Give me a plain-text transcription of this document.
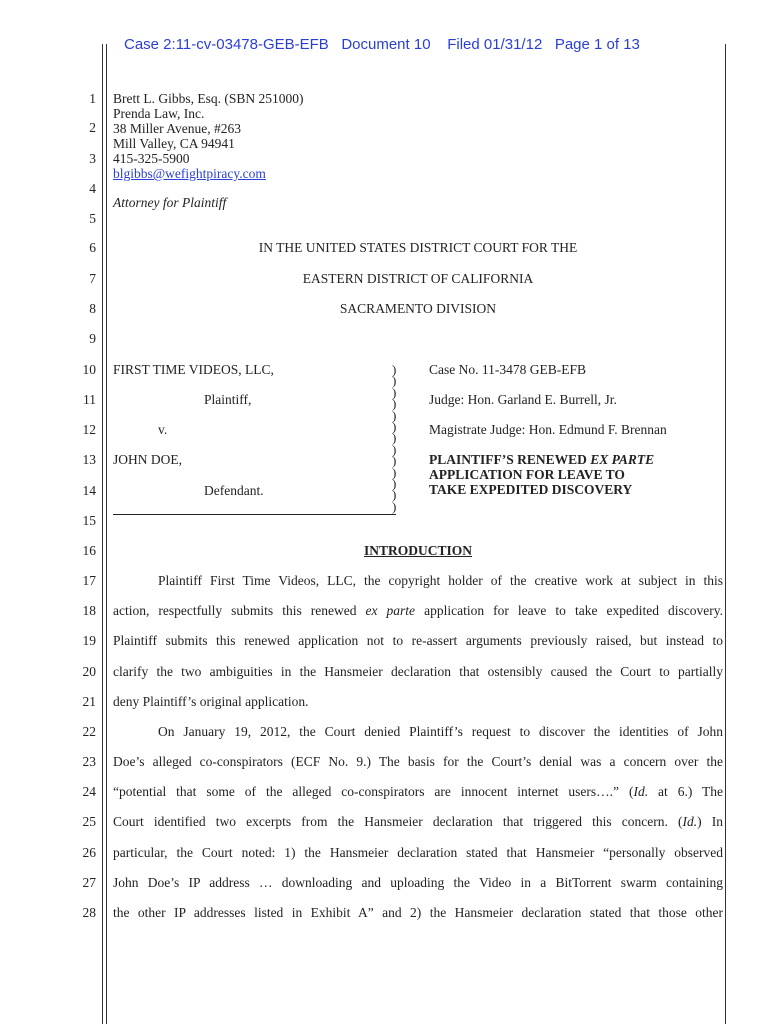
Case 2:11-cv-03478-GEB-EFB Document 10 Filed 01/31/12 Page 1 of 13
1
2
3
4
5
6
7
8
9
10
11
12
13
14
15
16
17
18
19
20
21
22
23
24
25
26
27
28
Brett L. Gibbs, Esq. (SBN 251000)
Prenda Law, Inc.
38 Miller Avenue, #263
Mill Valley, CA 94941
415-325-5900
blgibbs@wefightpiracy.com
Attorney for Plaintiff
IN THE UNITED STATES DISTRICT COURT FOR THE
EASTERN DISTRICT OF CALIFORNIA
SACRAMENTO DIVISION
FIRST TIME VIDEOS, LLC,
Plaintiff,
v.
JOHN DOE,
Defendant.
)
)
)
)
)
)
)
)
)
)
)
)
)
Case No. 11-3478 GEB-EFB
Judge: Hon. Garland E. Burrell, Jr.
Magistrate Judge: Hon. Edmund F. Brennan
PLAINTIFF’S RENEWED EX PARTE
APPLICATION FOR LEAVE TO
TAKE EXPEDITED DISCOVERY
INTRODUCTION
Plaintiff First Time Videos, LLC, the copyright holder of the creative work at subject in this
action, respectfully submits this renewed ex parte application for leave to take expedited discovery.
Plaintiff submits this renewed application not to re-assert arguments previously raised, but instead to
clarify the two ambiguities in the Hansmeier declaration that ostensibly caused the Court to partially
deny Plaintiff’s original application.
On January 19, 2012, the Court denied Plaintiff’s request to discover the identities of John
Doe’s alleged co-conspirators (ECF No. 9.) The basis for the Court’s denial was a concern over the
“potential that some of the alleged co-conspirators are innocent internet users….” (Id. at 6.) The
Court identified two excerpts from the Hansmeier declaration that triggered this concern. (Id.) In
particular, the Court noted: 1) the Hansmeier declaration stated that Hansmeier “personally observed
John Doe’s IP address … downloading and uploading the Video in a BitTorrent swarm containing
the other IP addresses listed in Exhibit A” and 2) the Hansmeier declaration stated that those other
